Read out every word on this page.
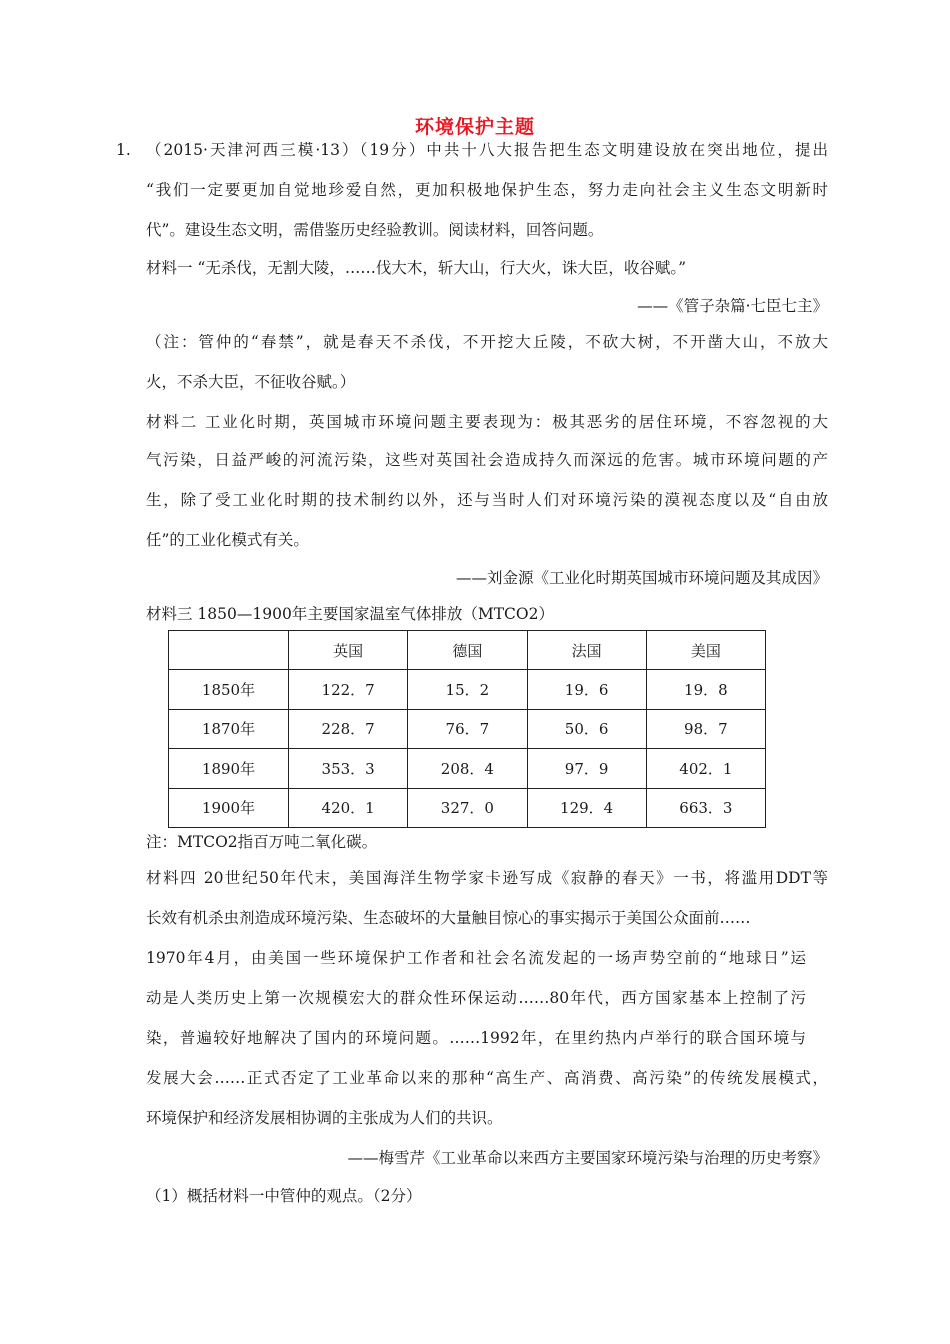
环境保护主题
1. （2015·天津河西三模·13）（19分）中共十八大报告把生态文明建设放在突出地位，提出
“我们一定要更加自觉地珍爱自然，更加积极地保护生态，努力走向社会主义生态文明新时
代”。建设生态文明，需借鉴历史经验教训。阅读材料，回答问题。
材料一 “无杀伐，无割大陵，……伐大木，斩大山，行大火，诛大臣，收谷赋。”
——《管子杂篇·七臣七主》
（注：管仲的“春禁”，就是春天不杀伐，不开挖大丘陵，不砍大树，不开凿大山，不放大
火，不杀大臣，不征收谷赋。）
材料二 工业化时期，英国城市环境问题主要表现为：极其恶劣的居住环境，不容忽视的大
气污染，日益严峻的河流污染，这些对英国社会造成持久而深远的危害。城市环境问题的产
生，除了受工业化时期的技术制约以外，还与当时人们对环境污染的漠视态度以及“自由放
任”的工业化模式有关。
——刘金源《工业化时期英国城市环境问题及其成因》
材料三 1850—1900年主要国家温室气体排放（MTCO2）
	英国	德国	法国	美国
1850年	122．7	15．2	19．6	19．8
1870年	228．7	76．7	50．6	98．7
1890年	353．3	208．4	97．9	402．1
1900年	420．1	327．0	129．4	663．3
注：MTCO2指百万吨二氧化碳。
材料四 20世纪50年代末，美国海洋生物学家卡逊写成《寂静的春天》一书，将滥用DDT等
长效有机杀虫剂造成环境污染、生态破坏的大量触目惊心的事实揭示于美国公众面前……
1970年4月，由美国一些环境保护工作者和社会名流发起的一场声势空前的“地球日”运
动是人类历史上第一次规模宏大的群众性环保运动……80年代，西方国家基本上控制了污
染，普遍较好地解决了国内的环境问题。……1992年，在里约热内卢举行的联合国环境与
发展大会……正式否定了工业革命以来的那种“高生产、高消费、高污染”的传统发展模式，
环境保护和经济发展相协调的主张成为人们的共识。
——梅雪芹《工业革命以来西方主要国家环境污染与治理的历史考察》
（1）概括材料一中管仲的观点。（2分）
